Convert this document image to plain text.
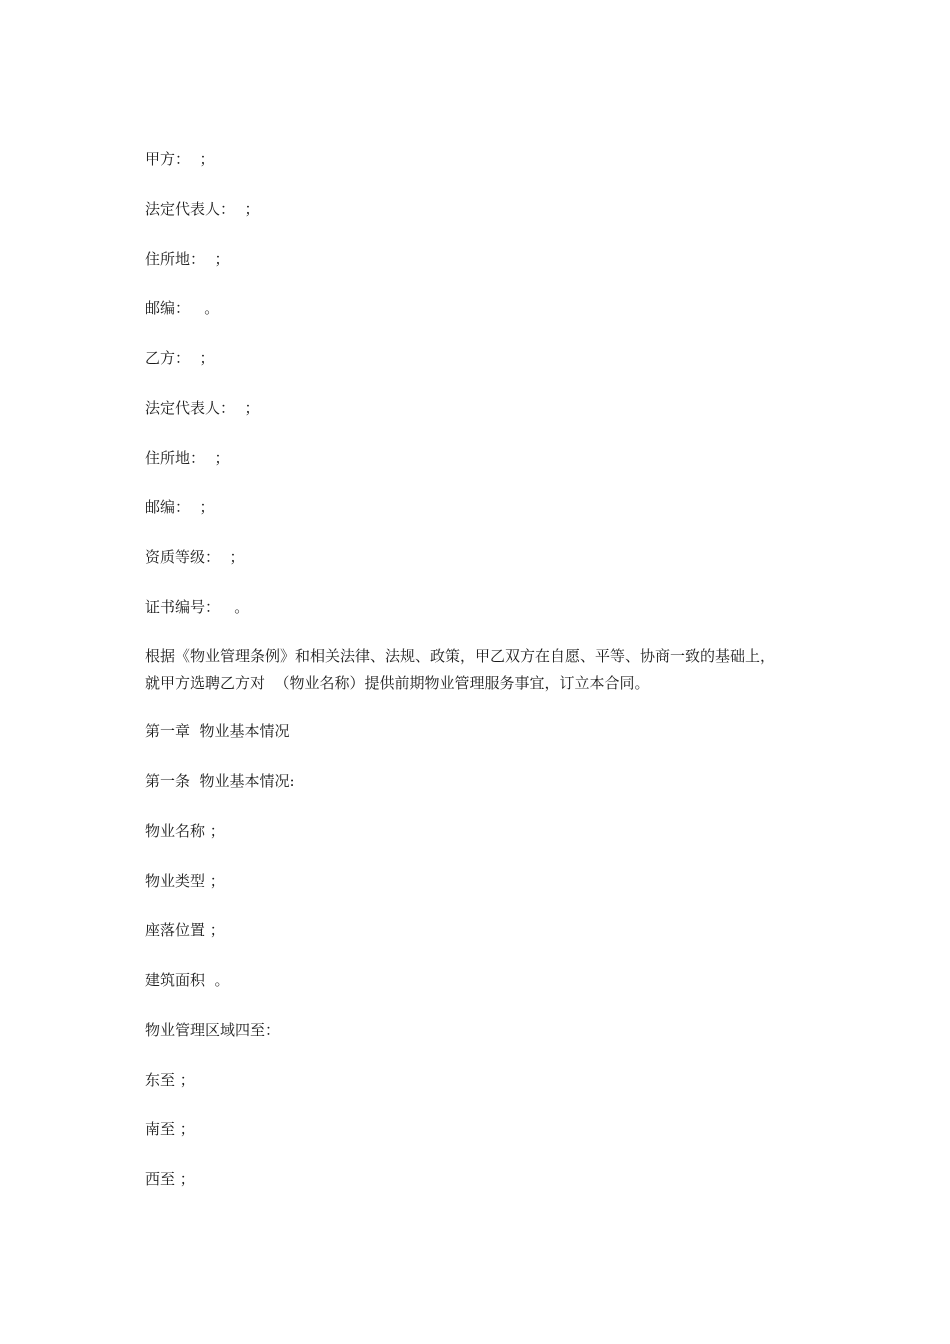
甲方：  ；

法定代表人：  ；

住所地：  ；

邮编：   。

乙方：  ；

法定代表人：  ；

住所地：  ；

邮编：  ；

资质等级：  ；

证书编号：   。

根据《物业管理条例》和相关法律、法规、政策，甲乙双方在自愿、平等、协商一致的基础上，
就甲方选聘乙方对  （物业名称）提供前期物业管理服务事宜，订立本合同。

第一章  物业基本情况

第一条  物业基本情况:

物业名称 ；

物业类型 ；

座落位置 ；

建筑面积  。

物业管理区域四至：

东至 ；

南至 ；

西至 ；
